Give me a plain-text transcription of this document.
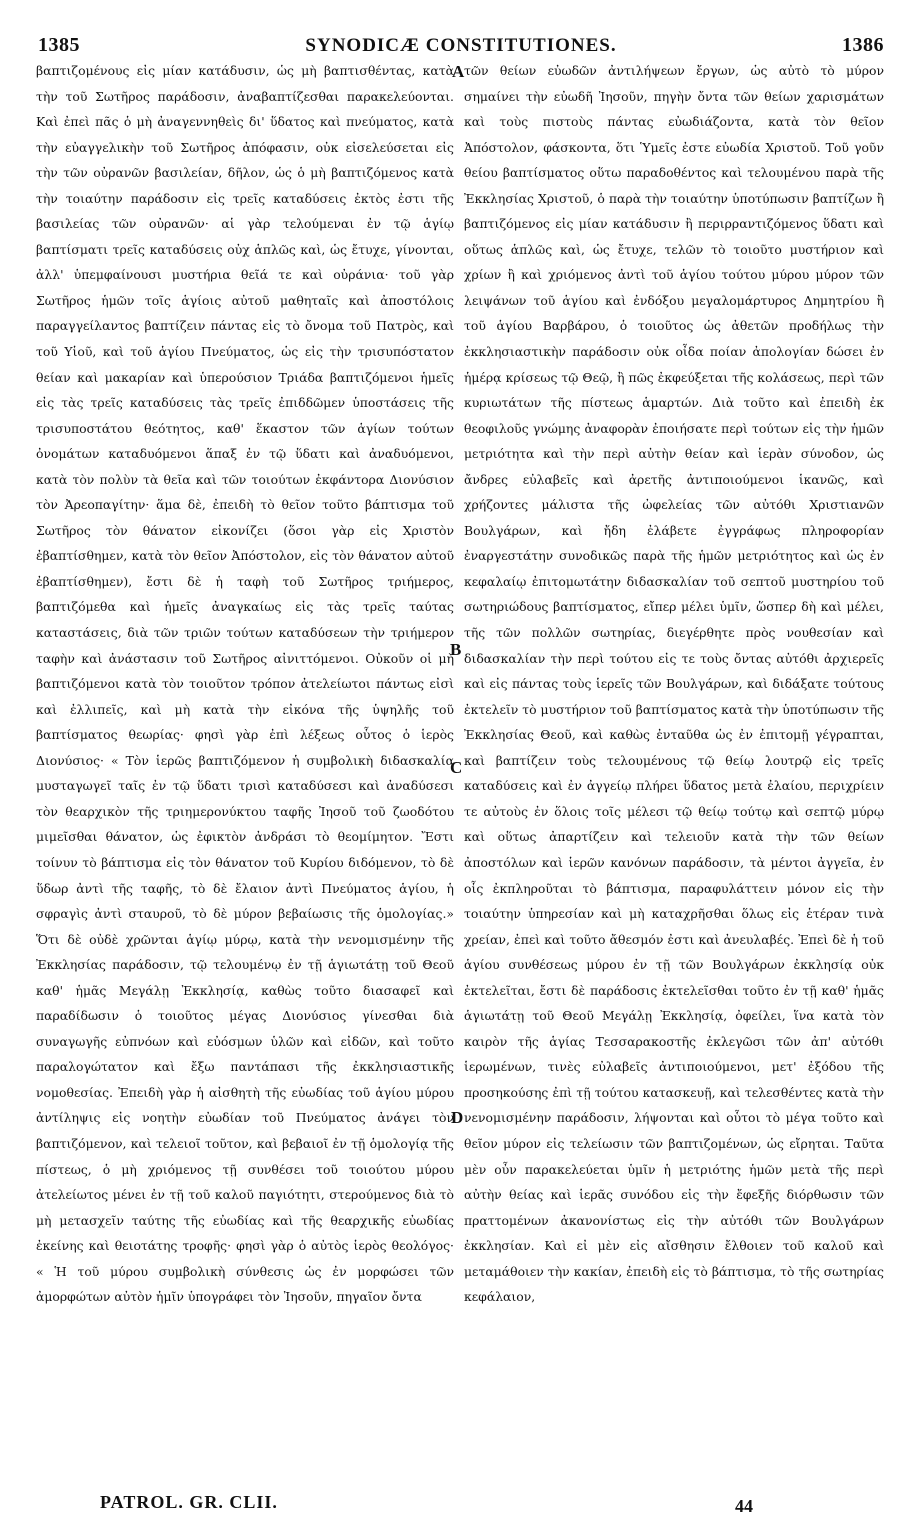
1385	SYNODICÆ CONSTITUTIONES.	1386

βαπτιζομένους εἰς μίαν κατάδυσιν, ὡς μὴ βαπτισθέντας, κατὰ τὴν τοῦ Σωτῆρος παράδοσιν, ἀναβαπτίζεσθαι παρακελεύονται. Καὶ ἐπεὶ πᾶς ὁ μὴ ἀναγεννηθεὶς δι' ὕδατος καὶ πνεύματος, κατὰ τὴν εὐαγγελικὴν τοῦ Σωτῆρος ἀπόφασιν, οὐκ εἰσελεύσεται εἰς τὴν τῶν οὐρανῶν βασιλείαν, δῆλον, ὡς ὁ μὴ βαπτιζόμενος κατὰ τὴν τοιαύτην παράδοσιν εἰς τρεῖς καταδύσεις ἐκτὸς ἐστι τῆς βασιλείας τῶν οὐρανῶν· αἱ γὰρ τελούμεναι ἐν τῷ ἁγίῳ βαπτίσματι τρεῖς καταδύσεις οὐχ ἁπλῶς καὶ, ὡς ἔτυχε, γίνονται, ἀλλ' ὑπεμφαίνουσι μυστήρια θεῖά τε καὶ οὐράνια· τοῦ γὰρ Σωτῆρος ἡμῶν τοῖς ἁγίοις αὐτοῦ μαθηταῖς καὶ ἀποστόλοις παραγγείλαντος βαπτίζειν πάντας εἰς τὸ ὄνομα τοῦ Πατρὸς, καὶ τοῦ Υἱοῦ, καὶ τοῦ ἁγίου Πνεύματος, ὡς εἰς τὴν τρισυπόστατον θείαν καὶ μακαρίαν καὶ ὑπερούσιον Τριάδα βαπτιζόμενοι ἡμεῖς εἰς τὰς τρεῖς καταδύσεις τὰς τρεῖς ἐπιδδῶμεν ὑποστάσεις τῆς τρισυποστάτου θεότητος, καθ' ἕκαστον τῶν ἁγίων τούτων ὀνομάτων καταδυόμενοι ἅπαξ ἐν τῷ ὕδατι καὶ ἀναδυόμενοι, κατὰ τὸν πολὺν τὰ θεῖα καὶ τῶν τοιούτων ἐκφάντορα Διονύσιον τὸν Ἀρεοπαγίτην· ἅμα δὲ, ἐπειδὴ τὸ θεῖον τοῦτο βάπτισμα τοῦ Σωτῆρος τὸν θάνατον εἰκονίζει (ὅσοι γὰρ εἰς Χριστὸν ἐβαπτίσθημεν, κατὰ τὸν θεῖον Ἀπόστολον, εἰς τὸν θάνατον αὐτοῦ ἐβαπτίσθημεν), ἔστι δὲ ἡ ταφὴ τοῦ Σωτῆρος τριήμερος, βαπτιζόμεθα καὶ ἡμεῖς ἀναγκαίως εἰς τὰς τρεῖς ταύτας καταστάσεις, διὰ τῶν τριῶν τούτων καταδύσεων τὴν τριήμερον ταφὴν καὶ ἀνάστασιν τοῦ Σωτῆρος αἰνιττόμενοι. Οὐκοῦν οἱ μὴ βαπτιζόμενοι κατὰ τὸν τοιοῦτον τρόπον ἀτελείωτοι πάντως εἰσὶ καὶ ἐλλιπεῖς, καὶ μὴ κατὰ τὴν εἰκόνα τῆς ὑψηλῆς τοῦ βαπτίσματος θεωρίας· φησὶ γὰρ ἐπὶ λέξεως οὗτος ὁ ἱερὸς Διονύσιος· « Τὸν ἱερῶς βαπτιζόμενον ἡ συμβολικὴ διδασκαλία μυσταγωγεῖ ταῖς ἐν τῷ ὕδατι τρισὶ καταδύσεσι καὶ ἀναδύσεσι τὸν θεαρχικὸν τῆς τριημερονύκτου ταφῆς Ἰησοῦ τοῦ ζωοδότου μιμεῖσθαι θάνατον, ὡς ἐφικτὸν ἀνδράσι τὸ θεομίμητον. Ἔστι τοίνυν τὸ βάπτισμα εἰς τὸν θάνατον τοῦ Κυρίου διδόμενον, τὸ δὲ ὕδωρ ἀντὶ τῆς ταφῆς, τὸ δὲ ἔλαιον ἀντὶ Πνεύματος ἁγίου, ἡ σφραγὶς ἀντὶ σταυροῦ, τὸ δὲ μύρον βεβαίωσις τῆς ὁμολογίας.» Ὅτι δὲ οὐδὲ χρῶνται ἁγίῳ μύρῳ, κατὰ τὴν νενομισμένην τῆς Ἐκκλησίας παράδοσιν, τῷ τελουμένῳ ἐν τῇ ἁγιωτάτῃ τοῦ Θεοῦ καθ' ἡμᾶς Μεγάλῃ Ἐκκλησίᾳ, καθὼς τοῦτο διασαφεῖ καὶ παραδίδωσιν ὁ τοιοῦτος μέγας Διονύσιος γίνεσθαι διὰ συναγωγῆς εὐπνόων καὶ εὐόσμων ὑλῶν καὶ εἰδῶν, καὶ τοῦτο παραλογώτατον καὶ ἔξω παντάπασι τῆς ἐκκλησιαστικῆς νομοθεσίας. Ἐπειδὴ γὰρ ἡ αἰσθητὴ τῆς εὐωδίας τοῦ ἁγίου μύρου ἀντίληψις εἰς νοητὴν εὐωδίαν τοῦ Πνεύματος ἀνάγει τὸν βαπτιζόμενον, καὶ τελειοῖ τοῦτον, καὶ βεβαιοῖ ἐν τῇ ὁμολογίᾳ τῆς πίστεως, ὁ μὴ χριόμενος τῇ συνθέσει τοῦ τοιούτου μύρου ἀτελείωτος μένει ἐν τῇ τοῦ καλοῦ παγιότητι, στερούμενος διὰ τὸ μὴ μετασχεῖν ταύτης τῆς εὐωδίας καὶ τῆς θεαρχικῆς εὐωδίας ἐκείνης καὶ θειοτάτης τροφῆς· φησὶ γὰρ ὁ αὐτὸς ἱερὸς θεολόγος· « Ἡ τοῦ μύρου συμβολικὴ σύνθεσις ὡς ἐν μορφώσει τῶν ἀμορφώτων αὐτὸν ἡμῖν ὑπογράφει τὸν Ἰησοῦν, πηγαῖον ὄντα

τῶν θείων εὐωδῶν ἀντιλήψεων ἔργων, ὡς αὐτὸ τὸ μύρον σημαίνει τὴν εὐωδῆ Ἰησοῦν, πηγὴν ὄντα τῶν θείων χαρισμάτων καὶ τοὺς πιστοὺς πάντας εὐωδιάζοντα, κατὰ τὸν θεῖον Ἀπόστολον, φάσκοντα, ὅτι Ὑμεῖς ἐστε εὐωδία Χριστοῦ. Τοῦ γοῦν θείου βαπτίσματος οὕτω παραδοθέντος καὶ τελουμένου παρὰ τῆς Ἐκκλησίας Χριστοῦ, ὁ παρὰ τὴν τοιαύτην ὑποτύπωσιν βαπτίζων ἢ βαπτιζόμενος εἰς μίαν κατάδυσιν ἢ περιρραντιζόμενος ὕδατι καὶ οὕτως ἁπλῶς καὶ, ὡς ἔτυχε, τελῶν τὸ τοιοῦτο μυστήριον καὶ χρίων ἢ καὶ χριόμενος ἀντὶ τοῦ ἁγίου τούτου μύρου μύρον τῶν λειψάνων τοῦ ἁγίου καὶ ἐνδόξου μεγαλομάρτυρος Δημητρίου ἢ τοῦ ἁγίου Βαρβάρου, ὁ τοιοῦτος ὡς ἀθετῶν προδήλως τὴν ἐκκλησιαστικὴν παράδοσιν οὐκ οἶδα ποίαν ἀπολογίαν δώσει ἐν ἡμέρᾳ κρίσεως τῷ Θεῷ, ἢ πῶς ἐκφεύξεται τῆς κολάσεως, περὶ τῶν κυριωτάτων τῆς πίστεως ἁμαρτών. Διὰ τοῦτο καὶ ἐπειδὴ ἐκ θεοφιλοῦς γνώμης ἀναφορὰν ἐποιήσατε περὶ τούτων εἰς τὴν ἡμῶν μετριότητα καὶ τὴν περὶ αὐτὴν θείαν καὶ ἱερὰν σύνοδον, ὡς ἄνδρες εὐλαβεῖς καὶ ἀρετῆς ἀντιποιούμενοι ἱκανῶς, καὶ χρήζοντες μάλιστα τῆς ὠφελείας τῶν αὐτόθι Χριστιανῶν Βουλγάρων, καὶ ἤδη ἐλάβετε ἐγγράφως πληροφορίαν ἐναργεστάτην συνοδικῶς παρὰ τῆς ἡμῶν μετριότητος καὶ ὡς ἐν κεφαλαίῳ ἐπιτομωτάτην διδασκαλίαν τοῦ σεπτοῦ μυστηρίου τοῦ σωτηριώδους βαπτίσματος, εἴπερ μέλει ὑμῖν, ὥσπερ δὴ καὶ μέλει, τῆς τῶν πολλῶν σωτηρίας, διεγέρθητε πρὸς νουθεσίαν καὶ διδασκαλίαν τὴν περὶ τούτου εἰς τε τοὺς ὄντας αὐτόθι ἀρχιερεῖς καὶ εἰς πάντας τοὺς ἱερεῖς τῶν Βουλγάρων, καὶ διδάξατε τούτους ἐκτελεῖν τὸ μυστήριον τοῦ βαπτίσματος κατὰ τὴν ὑποτύπωσιν τῆς Ἐκκλησίας Θεοῦ, καὶ καθὼς ἐνταῦθα ὡς ἐν ἐπιτομῇ γέγραπται, καὶ βαπτίζειν τοὺς τελουμένους τῷ θείῳ λουτρῷ εἰς τρεῖς καταδύσεις καὶ ἐν ἀγγείῳ πλήρει ὕδατος μετὰ ἐλαίου, περιχρίειν τε αὐτοὺς ἐν ὅλοις τοῖς μέλεσι τῷ θείῳ τούτῳ καὶ σεπτῷ μύρῳ καὶ οὕτως ἀπαρτίζειν καὶ τελειοῦν κατὰ τὴν τῶν θείων ἀποστόλων καὶ ἱερῶν κανόνων παράδοσιν, τὰ μέντοι ἀγγεῖα, ἐν οἷς ἐκπληροῦται τὸ βάπτισμα, παραφυλάττειν μόνον εἰς τὴν τοιαύτην ὑπηρεσίαν καὶ μὴ καταχρῆσθαι ὅλως εἰς ἑτέραν τινὰ χρείαν, ἐπεὶ καὶ τοῦτο ἄθεσμόν ἐστι καὶ ἀνευλαβές. Ἐπεὶ δὲ ἡ τοῦ ἁγίου συνθέσεως μύρου ἐν τῇ τῶν Βουλγάρων ἐκκλησίᾳ οὐκ ἐκτελεῖται, ἔστι δὲ παράδοσις ἐκτελεῖσθαι τοῦτο ἐν τῇ καθ' ἡμᾶς ἁγιωτάτῃ τοῦ Θεοῦ Μεγάλῃ Ἐκκλησίᾳ, ὀφείλει, ἵνα κατὰ τὸν καιρὸν τῆς ἁγίας Τεσσαρακοστῆς ἐκλεγῶσι τῶν ἀπ' αὐτόθι ἱερωμένων, τινὲς εὐλαβεῖς ἀντιποιούμενοι, μετ' ἐξόδου τῆς προσηκούσης ἐπὶ τῇ τούτου κατασκευῇ, καὶ τελεσθέντες κατὰ τὴν νενομισμένην παράδοσιν, λήψονται καὶ οὗτοι τὸ μέγα τοῦτο καὶ θεῖον μύρον εἰς τελείωσιν τῶν βαπτιζομένων, ὡς εἴρηται. Ταῦτα μὲν οὖν παρακελεύεται ὑμῖν ἡ μετριότης ἡμῶν μετὰ τῆς περὶ αὐτὴν θείας καὶ ἱερᾶς συνόδου εἰς τὴν ἔφεξῆς διόρθωσιν τῶν πραττομένων ἀκανονίστως εἰς τὴν αὐτόθι τῶν Βουλγάρων ἐκκλησίαν. Καὶ εἰ μὲν εἰς αἴσθησιν ἔλθοιεν τοῦ καλοῦ καὶ μεταμάθοιεν τὴν κακίαν, ἐπειδὴ εἰς τὸ βάπτισμα, τὸ τῆς σωτηρίας κεφάλαιον,

A
B
C
D
PATROL. GR. CLII.	44
